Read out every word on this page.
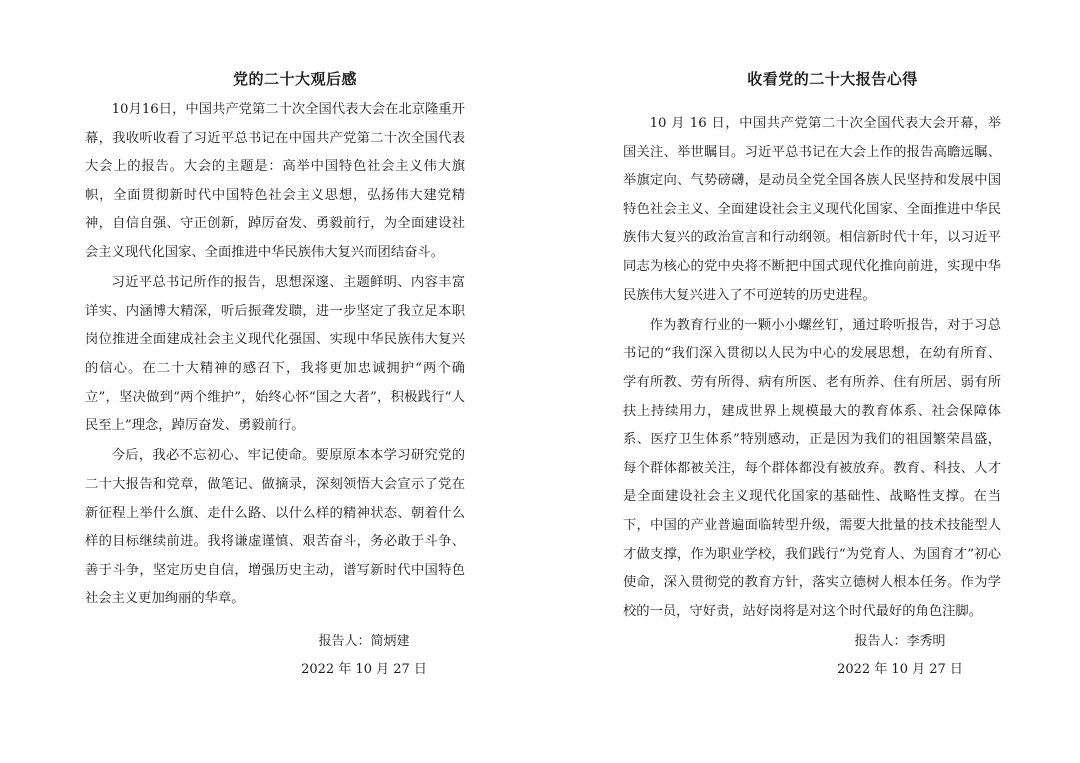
党的二十大观后感

10月16日，中国共产党第二十次全国代表大会在北京隆重开幕，我收听收看了习近平总书记在中国共产党第二十次全国代表大会上的报告。大会的主题是：高举中国特色社会主义伟大旗帜，全面贯彻新时代中国特色社会主义思想，弘扬伟大建党精神，自信自强、守正创新，踔厉奋发、勇毅前行，为全面建设社会主义现代化国家、全面推进中华民族伟大复兴而团结奋斗。

习近平总书记所作的报告，思想深邃、主题鲜明、内容丰富详实、内涵博大精深，听后振聋发聩，进一步坚定了我立足本职岗位推进全面建成社会主义现代化强国、实现中华民族伟大复兴的信心。在二十大精神的感召下，我将更加忠诚拥护“两个确立”，坚决做到“两个维护”，始终心怀“国之大者”，积极践行“人民至上”理念，踔厉奋发、勇毅前行。

今后，我必不忘初心、牢记使命。要原原本本学习研究党的二十大报告和党章，做笔记、做摘录，深刻领悟大会宣示了党在新征程上举什么旗、走什么路、以什么样的精神状态、朝着什么样的目标继续前进。我将谦虚谨慎、艰苦奋斗，务必敢于斗争、善于斗争，坚定历史自信，增强历史主动，谱写新时代中国特色社会主义更加绚丽的华章。

报告人：简炳建
2022 年 10 月 27 日
收看党的二十大报告心得

10 月 16 日，中国共产党第二十次全国代表大会开幕，举国关注、举世瞩目。习近平总书记在大会上作的报告高瞻远瞩、举旗定向、气势磅礴，是动员全党全国各族人民坚持和发展中国特色社会主义、全面建设社会主义现代化国家、全面推进中华民族伟大复兴的政治宣言和行动纲领。相信新时代十年，以习近平同志为核心的党中央将不断把中国式现代化推向前进，实现中华民族伟大复兴进入了不可逆转的历史进程。

作为教育行业的一颗小小螺丝钉，通过聆听报告，对于习总书记的“我们深入贯彻以人民为中心的发展思想，在幼有所育、学有所教、劳有所得、病有所医、老有所养、住有所居、弱有所扶上持续用力，建成世界上规模最大的教育体系、社会保障体系、医疗卫生体系”特别感动，正是因为我们的祖国繁荣昌盛，每个群体都被关注，每个群体都没有被放弃。教育、科技、人才是全面建设社会主义现代化国家的基础性、战略性支撑。在当下，中国的产业普遍面临转型升级，需要大批量的技术技能型人才做支撑，作为职业学校，我们践行“为党育人、为国育才”初心使命，深入贯彻党的教育方针，落实立德树人根本任务。作为学校的一员，守好责，站好岗将是对这个时代最好的角色注脚。

报告人：李秀明
2022 年 10 月 27 日
